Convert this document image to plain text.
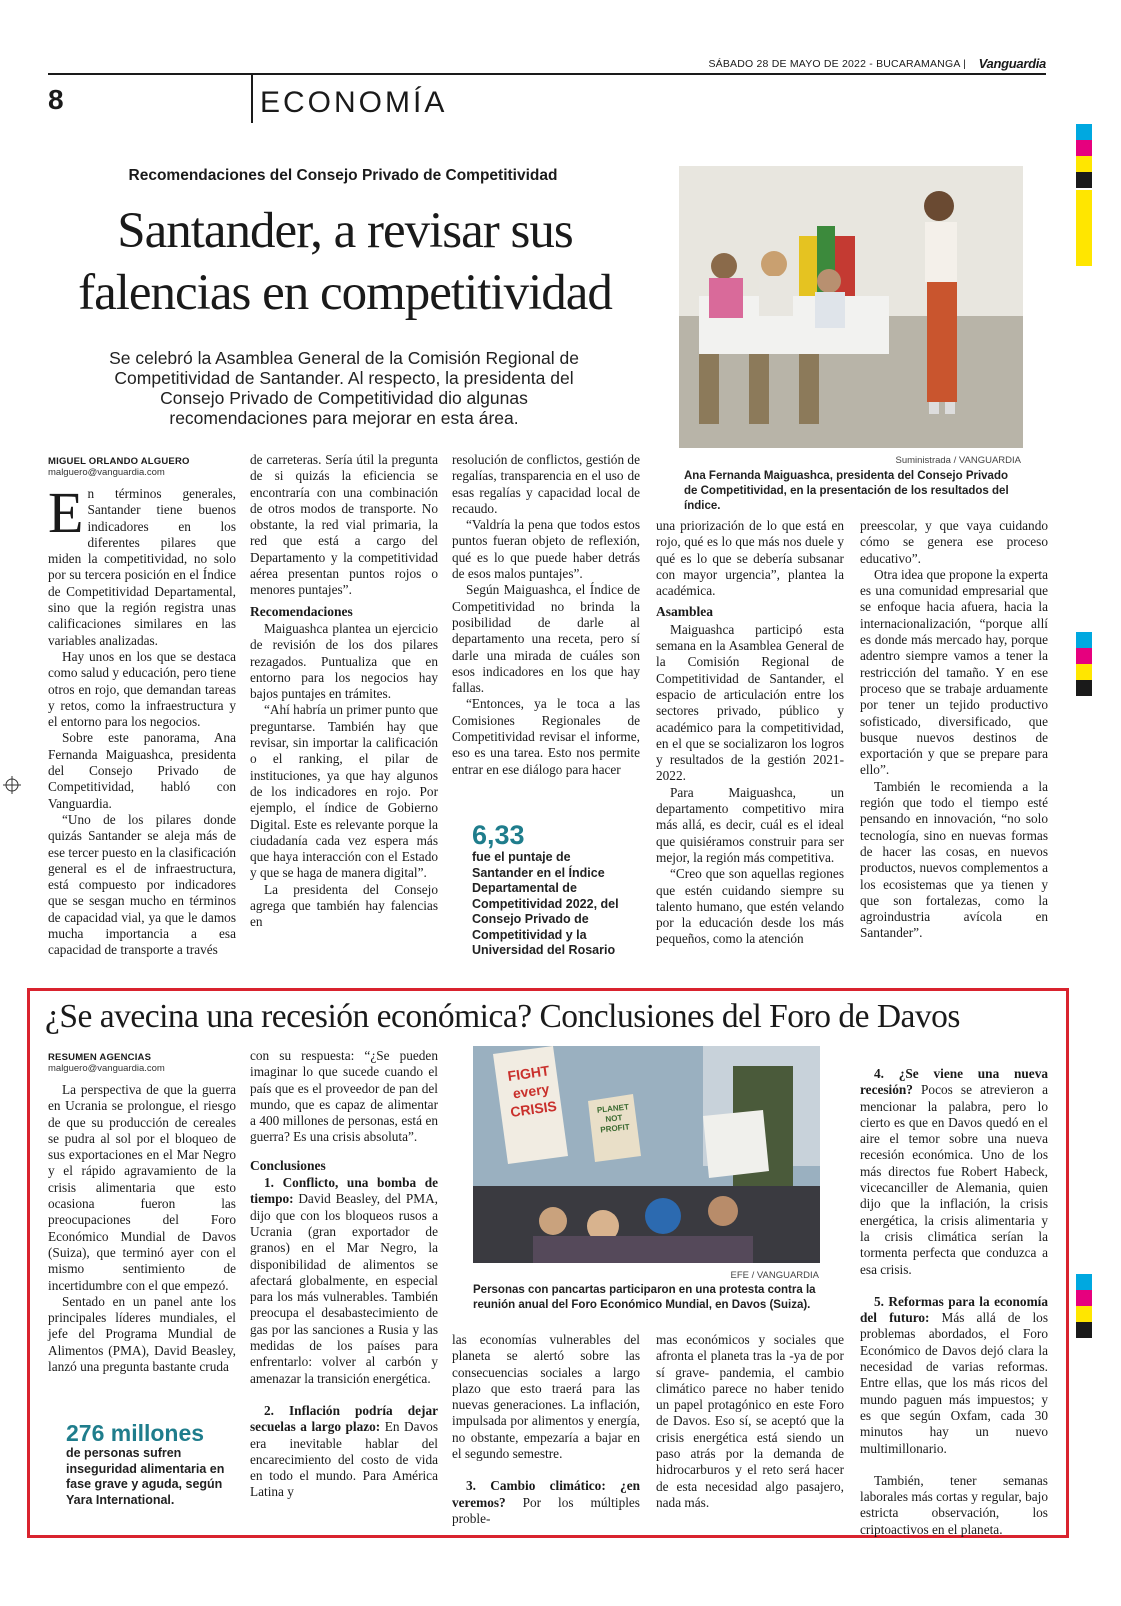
SÁBADO 28 DE MAYO DE 2022 - BUCARAMANGA | Vanguardia
8	ECONOMÍA
Recomendaciones del Consejo Privado de Competitividad
Santander, a revisar sus
falencias en competitividad
Se celebró la Asamblea General de la Comisión Regional de Competitividad de Santander. Al respecto, la presidenta del Consejo Privado de Competitividad dio algunas recomendaciones para mejorar en esta área.
Suministrada / VANGUARDIA
Ana Fernanda Maiguashca, presidenta del Consejo Privado de Competitividad, en la presentación de los resultados del índice.
MIGUEL ORLANDO ALGUERO
malguero@vanguardia.com

En términos generales, Santander tiene buenos indicadores en los diferentes pilares que miden la competitividad, no solo por su tercera posición en el Índice de Competitividad Departamental, sino que la región registra unas calificaciones similares en las variables analizadas.

Hay unos en los que se destaca como salud y educación, pero tiene otros en rojo, que demandan tareas y retos, como la infraestructura y el entorno para los negocios.

Sobre este panorama, Ana Fernanda Maiguashca, presidenta del Consejo Privado de Competitividad, habló con Vanguardia.

“Uno de los pilares donde quizás Santander se aleja más de ese tercer puesto en la clasificación general es el de infraestructura, está compuesto por indicadores que se sesgan mucho en términos de capacidad vial, ya que le damos mucha importancia a esa capacidad de transporte a través

de carreteras. Sería útil la pregunta de si quizás la eficiencia se encontraría con una combinación de otros modos de transporte. No obstante, la red vial primaria, la red que está a cargo del Departamento y la competitividad aérea presentan puntos rojos o menores puntajes”.

Recomendaciones

Maiguashca plantea un ejercicio de revisión de los dos pilares rezagados. Puntualiza que en entorno para los negocios hay bajos puntajes en trámites.

“Ahí habría un primer punto que preguntarse. También hay que revisar, sin importar la calificación o el ranking, el pilar de instituciones, ya que hay algunos de los indicadores en rojo. Por ejemplo, el índice de Gobierno Digital. Este es relevante porque la ciudadanía cada vez espera más que haya interacción con el Estado y que se haga de manera digital”.

La presidenta del Consejo agrega que también hay falencias en

resolución de conflictos, gestión de regalías, transparencia en el uso de esas regalías y capacidad local de recaudo.

“Valdría la pena que todos estos puntos fueran objeto de reflexión, qué es lo que puede haber detrás de esos malos puntajes”.

Según Maiguashca, el Índice de Competitividad no brinda la posibilidad de darle al departamento una receta, pero sí darle una mirada de cuáles son esos indicadores en los que hay fallas.

“Entonces, ya le toca a las Comisiones Regionales de Competitividad revisar el informe, eso es una tarea. Esto nos permite entrar en ese diálogo para hacer

6,33
fue el puntaje de Santander en el Índice Departamental de Competitividad 2022, del Consejo Privado de Competitividad y la Universidad del Rosario

una priorización de lo que está en rojo, qué es lo que más nos duele y qué es lo que se debería subsanar con mayor urgencia”, plantea la académica.

Asamblea

Maiguashca participó esta semana en la Asamblea General de la Comisión Regional de Competitividad de Santander, el espacio de articulación entre los sectores privado, público y académico para la competitividad, en el que se socializaron los logros y resultados de la gestión 2021-2022.

Para Maiguashca, un departamento competitivo mira más allá, es decir, cuál es el ideal que quisiéramos construir para ser mejor, la región más competitiva.

“Creo que son aquellas regiones que estén cuidando siempre su talento humano, que estén velando por la educación desde los más pequeños, como la atención

preescolar, y que vaya cuidando cómo se genera ese proceso educativo”.

Otra idea que propone la experta es una comunidad empresarial que se enfoque hacia afuera, hacia la internacionalización, “porque allí es donde más mercado hay, porque adentro siempre vamos a tener la restricción del tamaño. Y en ese proceso que se trabaje arduamente por tener un tejido productivo sofisticado, diversificado, que busque nuevos destinos de exportación y que se prepare para ello”.

También le recomienda a la región que todo el tiempo esté pensando en innovación, “no solo tecnología, sino en nuevas formas de hacer las cosas, en nuevos productos, nuevos complementos a los ecosistemas que ya tienen y que son fortalezas, como la agroindustria avícola en Santander”.

¿Se avecina una recesión económica? Conclusiones del Foro de Davos
RESUMEN AGENCIAS
malguero@vanguardia.com

La perspectiva de que la guerra en Ucrania se prolongue, el riesgo de que su producción de cereales se pudra al sol por el bloqueo de sus exportaciones en el Mar Negro y el rápido agravamiento de la crisis alimentaria que esto ocasiona fueron las preocupaciones del Foro Económico Mundial de Davos (Suiza), que terminó ayer con el mismo sentimiento de incertidumbre con el que empezó.

Sentado en un panel ante los principales líderes mundiales, el jefe del Programa Mundial de Alimentos (PMA), David Beasley, lanzó una pregunta bastante cruda

276 millones
de personas sufren inseguridad alimentaria en fase grave y aguda, según Yara International.

con su respuesta: “¿Se pueden imaginar lo que sucede cuando el país que es el proveedor de pan del mundo, que es capaz de alimentar a 400 millones de personas, está en guerra? Es una crisis absoluta”.

Conclusiones

1. Conflicto, una bomba de tiempo: David Beasley, del PMA, dijo que con los bloqueos rusos a Ucrania (gran exportador de granos) en el Mar Negro, la disponibilidad de alimentos se afectará globalmente, en especial para los más vulnerables. También preocupa el desabastecimiento de gas por las sanciones a Rusia y las medidas de los países para enfrentarlo: volver al carbón y amenazar la transición energética.

2. Inflación podría dejar secuelas a largo plazo: En Davos era inevitable hablar del encarecimiento del costo de vida en todo el mundo. Para América Latina y

FIGHT every CRISIS	PLANET NOT PROFIT
EFE / VANGUARDIA
Personas con pancartas participaron en una protesta contra la reunión anual del Foro Económico Mundial, en Davos (Suiza).

las economías vulnerables del planeta se alertó sobre las consecuencias sociales a largo plazo que esto traerá para las nuevas generaciones. La inflación, impulsada por alimentos y energía, no obstante, empezaría a bajar en el segundo semestre.

3. Cambio climático: ¿en veremos? Por los múltiples proble-

mas económicos y sociales que afronta el planeta tras la -ya de por sí grave- pandemia, el cambio climático parece no haber tenido un papel protagónico en este Foro de Davos. Eso sí, se aceptó que la crisis energética está siendo un paso atrás por la demanda de hidrocarburos y el reto será hacer de esta necesidad algo pasajero, nada más.

4. ¿Se viene una nueva recesión? Pocos se atrevieron a mencionar la palabra, pero lo cierto es que en Davos quedó en el aire el temor sobre una nueva recesión económica. Uno de los más directos fue Robert Habeck, vicecanciller de Alemania, quien dijo que la inflación, la crisis energética, la crisis alimentaria y la crisis climática serían la tormenta perfecta que conduzca a esa crisis.

5. Reformas para la economía del futuro: Más allá de los problemas abordados, el Foro Económico de Davos dejó clara la necesidad de varias reformas. Entre ellas, que los más ricos del mundo paguen más impuestos; y es que según Oxfam, cada 30 minutos hay un nuevo multimillonario.

También, tener semanas laborales más cortas y regular, bajo estricta observación, los criptoactivos en el planeta.
